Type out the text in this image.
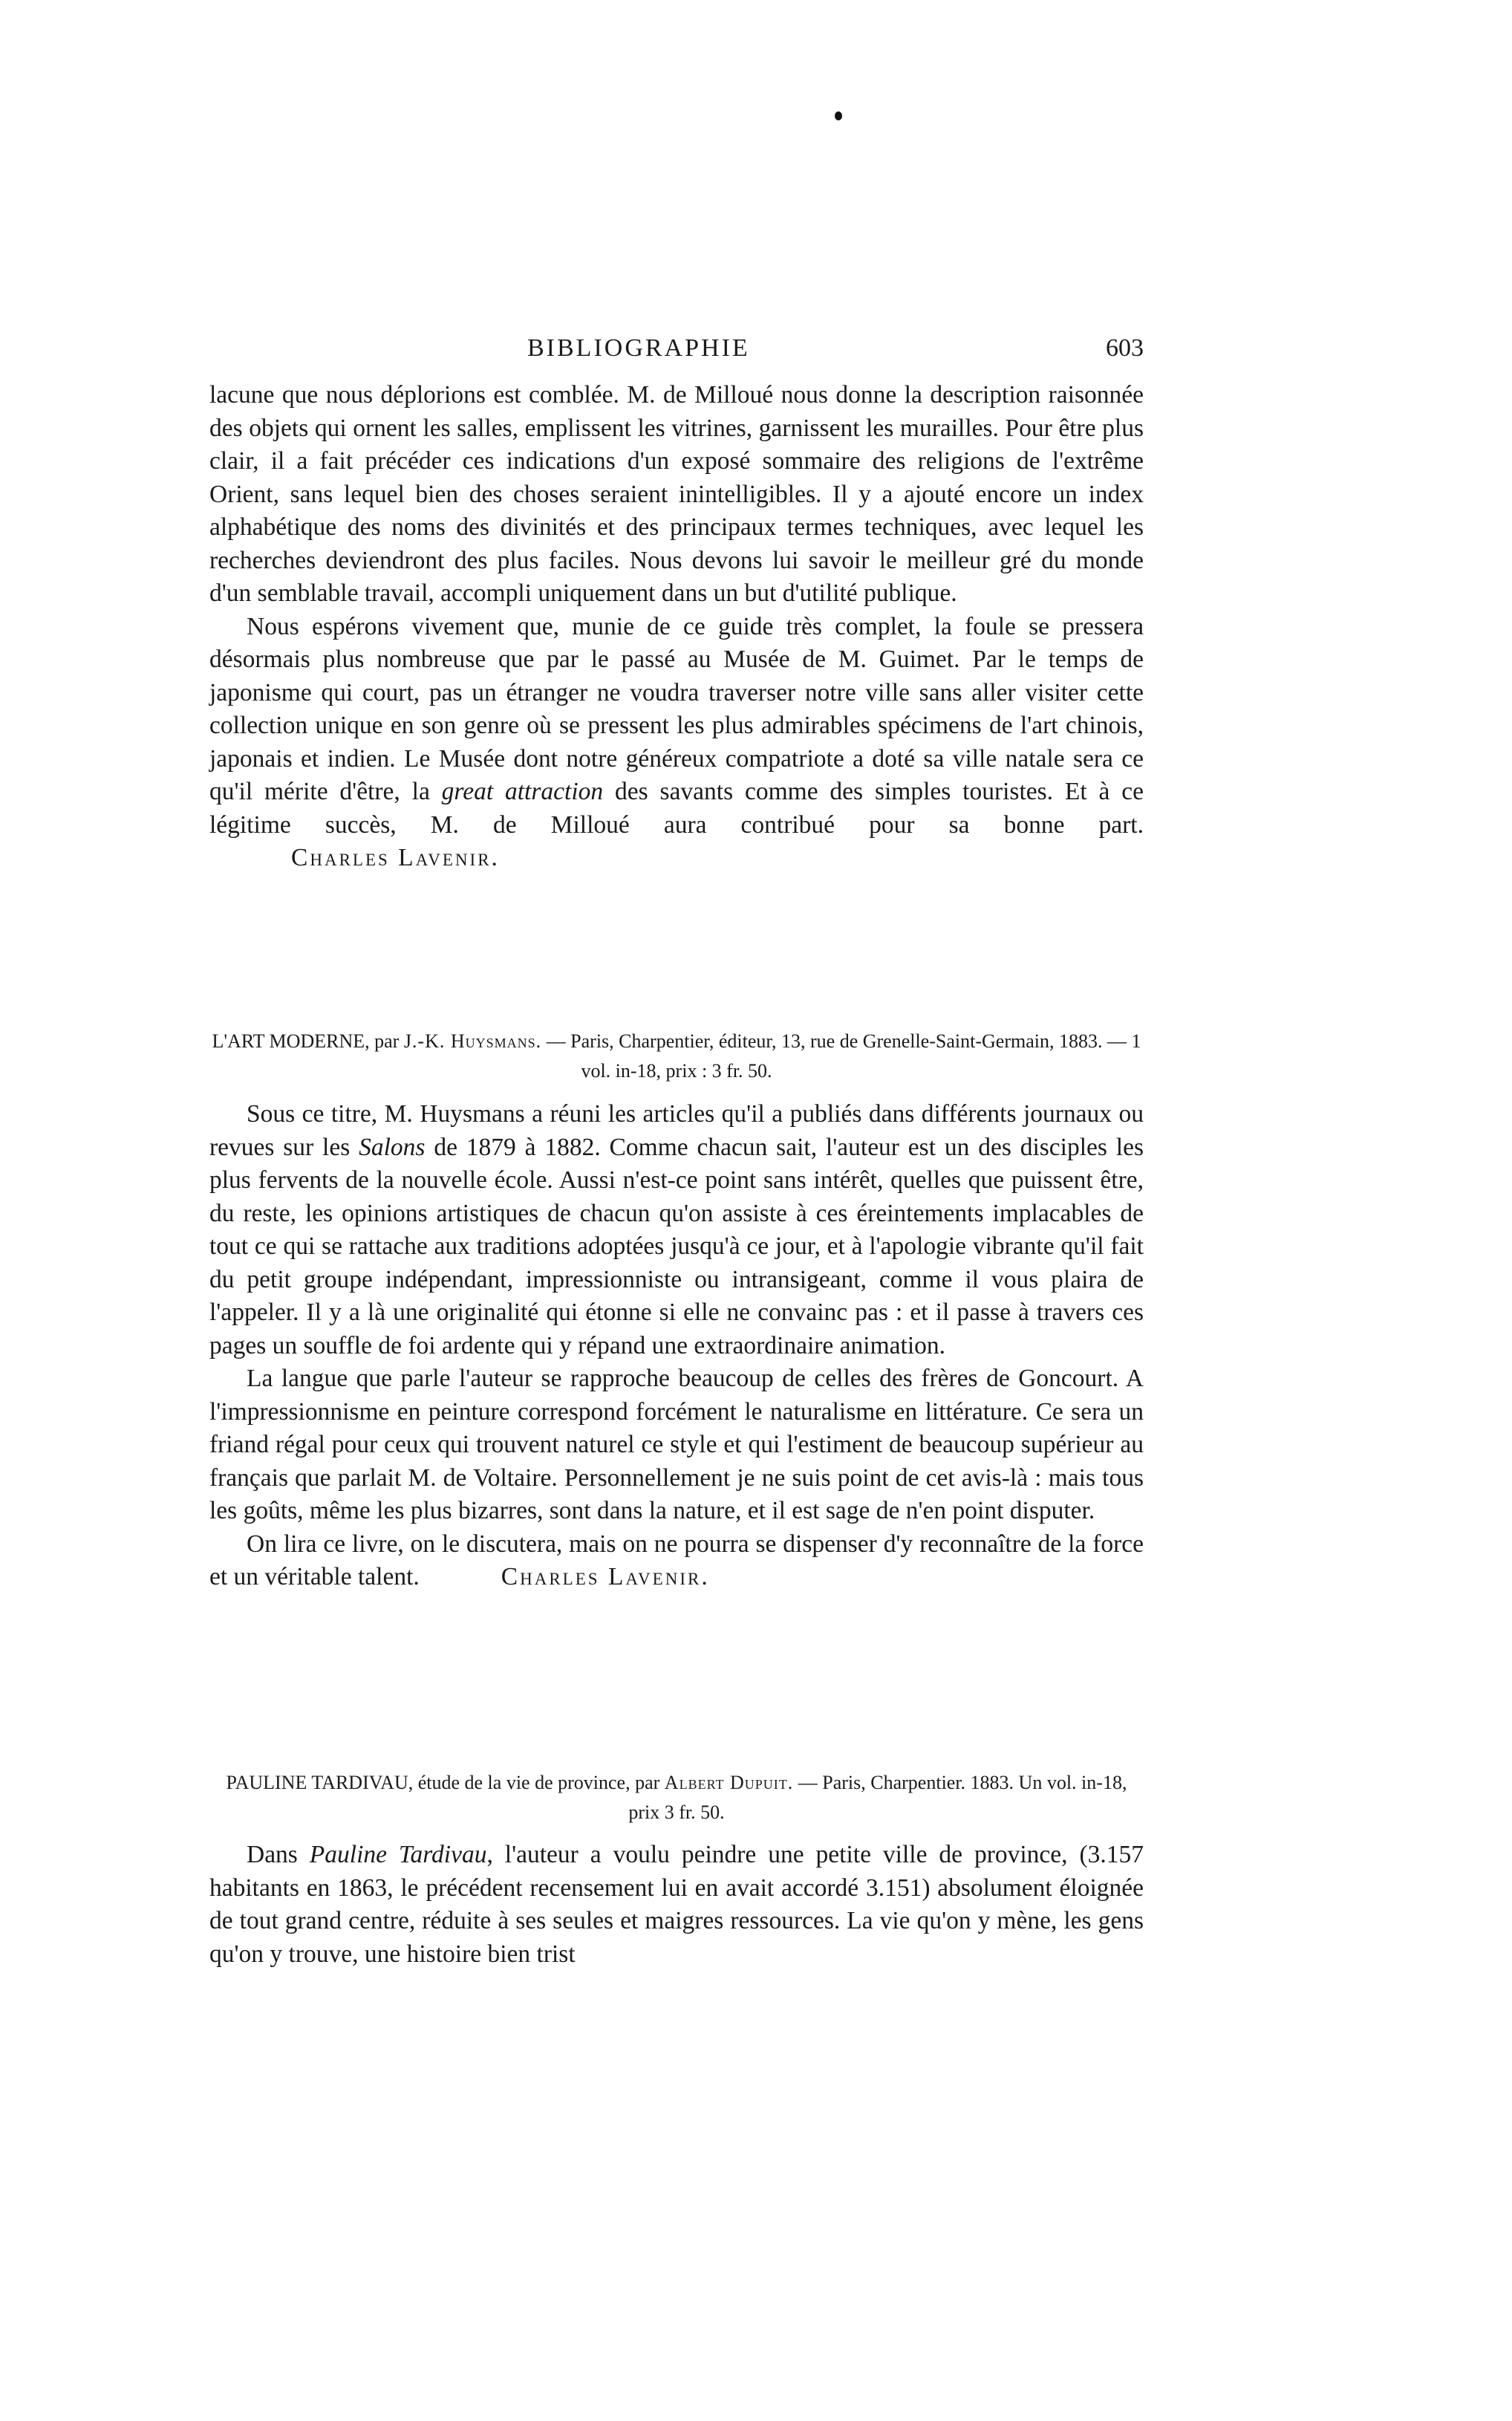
BIBLIOGRAPHIE	603

lacune que nous déplorions est comblée. M. de Milloué nous donne la description raisonnée des objets qui ornent les salles, emplissent les vitrines, garnissent les murailles. Pour être plus clair, il a fait précéder ces indications d'un exposé sommaire des religions de l'extrême Orient, sans lequel bien des choses seraient inintelligibles. Il y a ajouté encore un index alphabétique des noms des divinités et des principaux termes techniques, avec lequel les recherches deviendront des plus faciles. Nous devons lui savoir le meilleur gré du monde d'un semblable travail, accompli uniquement dans un but d'utilité publique.

Nous espérons vivement que, munie de ce guide très complet, la foule se pressera désormais plus nombreuse que par le passé au Musée de M. Guimet. Par le temps de japonisme qui court, pas un étranger ne voudra traverser notre ville sans aller visiter cette collection unique en son genre où se pressent les plus admirables spécimens de l'art chinois, japonais et indien. Le Musée dont notre généreux compatriote a doté sa ville natale sera ce qu'il mérite d'être, la great attraction des savants comme des simples touristes. Et à ce légitime succès, M. de Milloué aura contribué pour sa bonne part.Charles Lavenir.

L'ART MODERNE, par J.-K. Huysmans. — Paris, Charpentier, éditeur, 13, rue de Grenelle-Saint-Germain, 1883. — 1 vol. in-18, prix : 3 fr. 50.

Sous ce titre, M. Huysmans a réuni les articles qu'il a publiés dans différents journaux ou revues sur les Salons de 1879 à 1882. Comme chacun sait, l'auteur est un des disciples les plus fervents de la nouvelle école. Aussi n'est-ce point sans intérêt, quelles que puissent être, du reste, les opinions artistiques de chacun qu'on assiste à ces éreintements implacables de tout ce qui se rattache aux traditions adoptées jusqu'à ce jour, et à l'apologie vibrante qu'il fait du petit groupe indépendant, impressionniste ou intransigeant, comme il vous plaira de l'appeler. Il y a là une originalité qui étonne si elle ne convainc pas : et il passe à travers ces pages un souffle de foi ardente qui y répand une extraordinaire animation.

La langue que parle l'auteur se rapproche beaucoup de celles des frères de Goncourt. A l'impressionnisme en peinture correspond forcément le naturalisme en littérature. Ce sera un friand régal pour ceux qui trouvent naturel ce style et qui l'estiment de beaucoup supérieur au français que parlait M. de Voltaire. Personnellement je ne suis point de cet avis-là : mais tous les goûts, même les plus bizarres, sont dans la nature, et il est sage de n'en point disputer.

On lira ce livre, on le discutera, mais on ne pourra se dispenser d'y reconnaître de la force et un véritable talent.	Charles Lavenir.

PAULINE TARDIVAU, étude de la vie de province, par Albert Dupuit. — Paris, Charpentier. 1883. Un vol. in-18, prix 3 fr. 50.

Dans Pauline Tardivau, l'auteur a voulu peindre une petite ville de province, (3.157 habitants en 1863, le précédent recensement lui en avait accordé 3.151) absolument éloignée de tout grand centre, réduite à ses seules et maigres ressources. La vie qu'on y mène, les gens qu'on y trouve, une histoire bien trist
